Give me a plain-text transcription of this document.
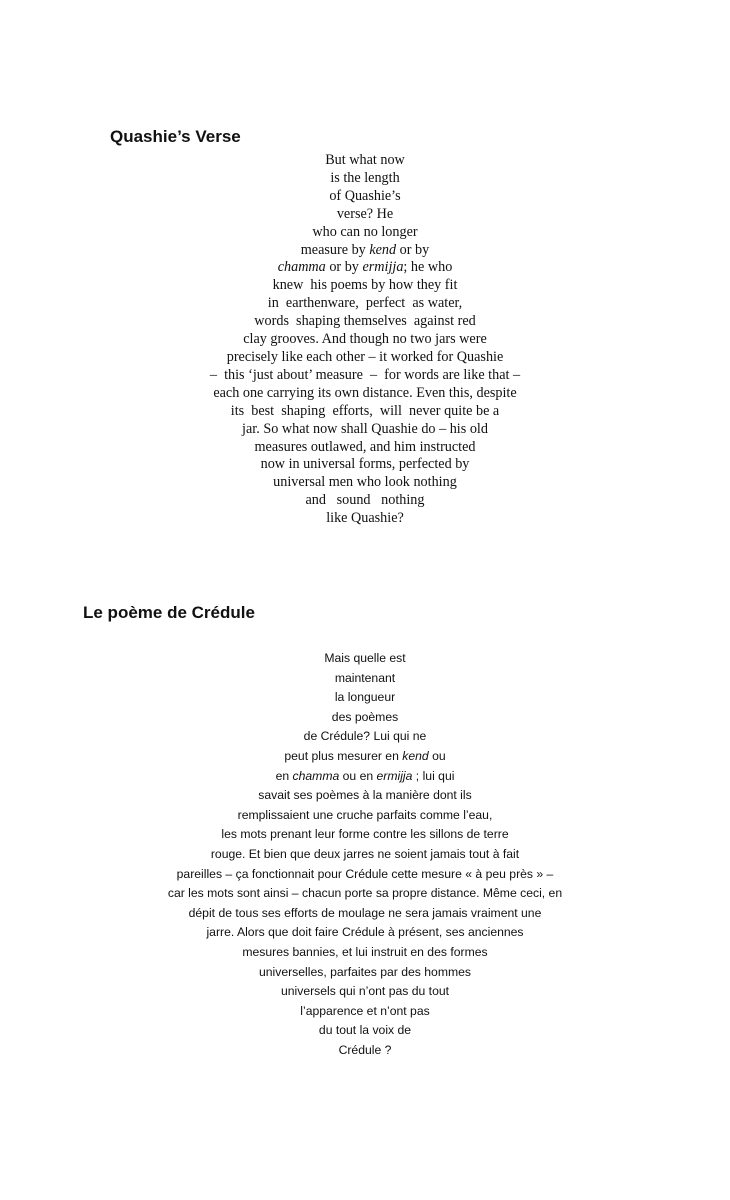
Quashie’s Verse
But what now
is the length
of Quashie’s
verse? He
who can no longer
measure by kend or by
chamma or by ermijja; he who
knew  his poems by how they fit
in  earthenware,  perfect  as water,
words  shaping themselves  against red
clay grooves. And though no two jars were
precisely like each other – it worked for Quashie
–  this ‘just about’ measure  –  for words are like that –
each one carrying its own distance. Even this, despite
its  best  shaping  efforts,  will  never quite be a
jar. So what now shall Quashie do – his old
measures outlawed, and him instructed
now in universal forms, perfected by
universal men who look nothing
and   sound   nothing
like Quashie?
Le poème de Crédule
Mais quelle est
maintenant
la longueur
des poèmes
de Crédule? Lui qui ne
peut plus mesurer en kend ou
en chamma ou en ermijja ; lui qui
savait ses poèmes à la manière dont ils
remplissaient une cruche parfaits comme l’eau,
les mots prenant leur forme contre les sillons de terre
rouge. Et bien que deux jarres ne soient jamais tout à fait
pareilles – ça fonctionnait pour Crédule cette mesure « à peu près » –
car les mots sont ainsi – chacun porte sa propre distance. Même ceci, en
dépit de tous ses efforts de moulage ne sera jamais vraiment une
jarre. Alors que doit faire Crédule à présent, ses anciennes
mesures bannies, et lui instruit en des formes
universelles, parfaites par des hommes
universels qui n’ont pas du tout
l’apparence et n’ont pas
du tout la voix de
Crédule ?
